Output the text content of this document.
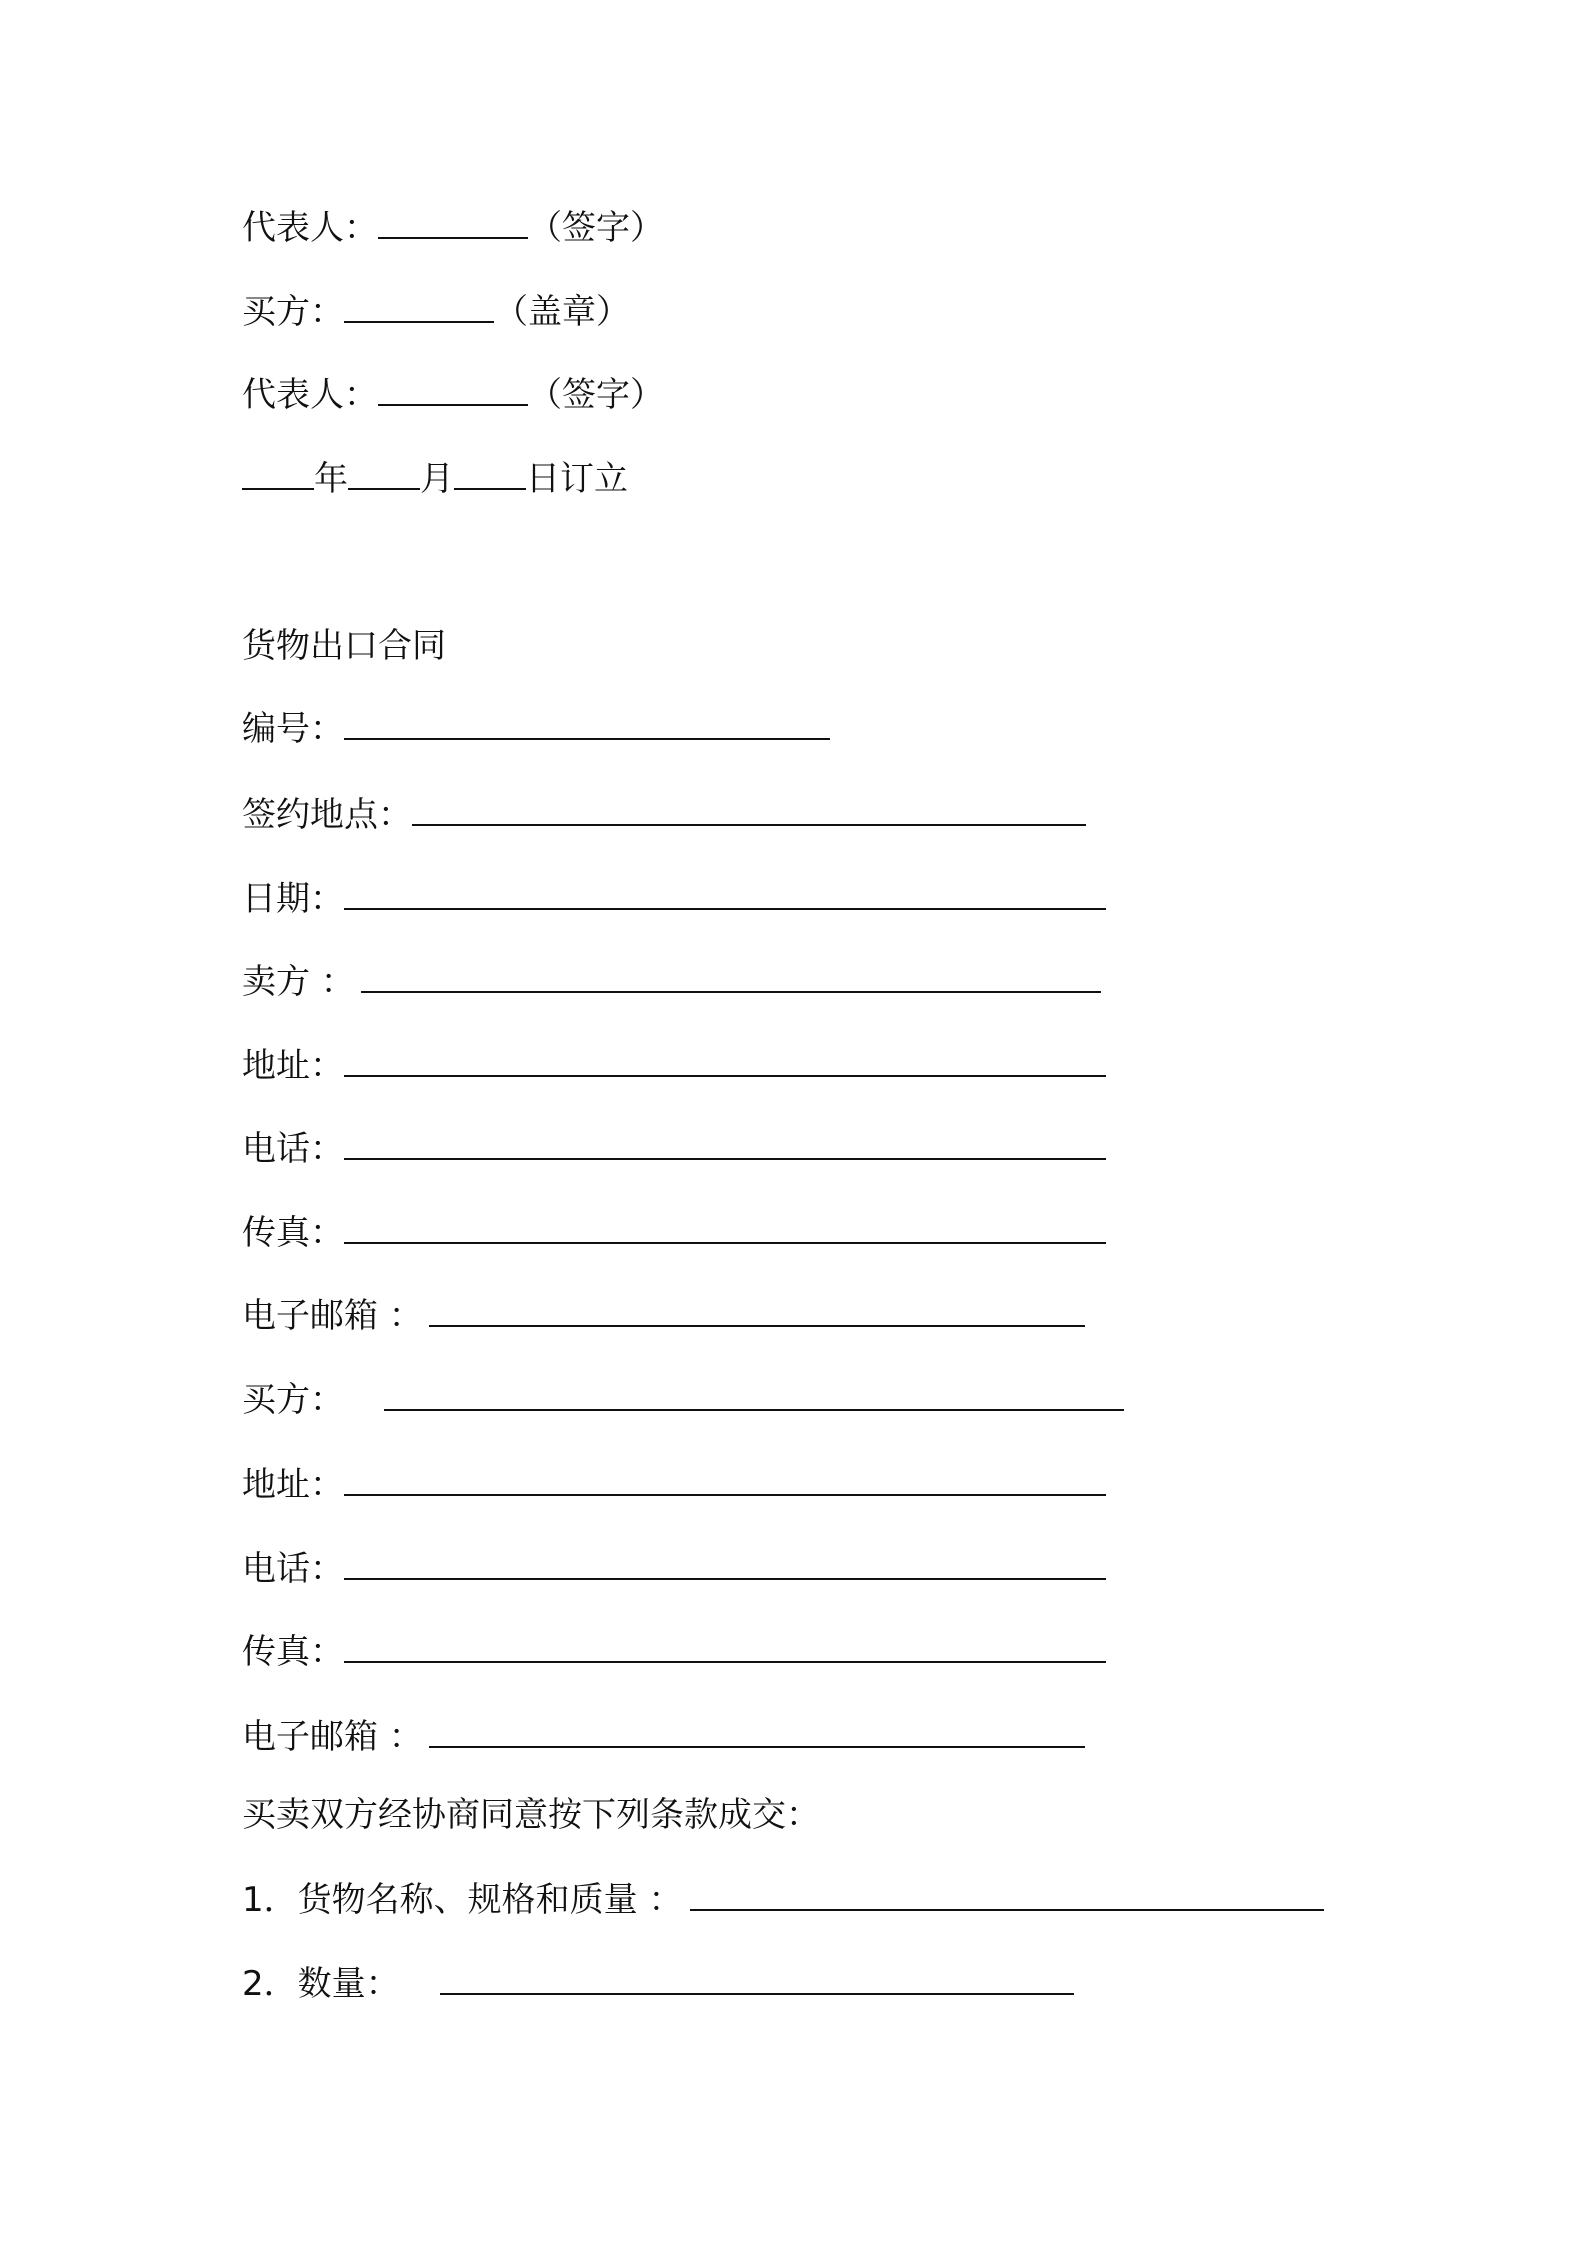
代表人：	（签字）
买方：	（盖章）
代表人：	（签字）
年 月 日订立
货物出口合同
编号：
签约地点：
日期：
卖方 ：
地址：
电话：
传真：
电子邮箱 ：
买方：
地址：
电话：
传真：
电子邮箱 ：
买卖双方经协商同意按下列条款成交：
1．货物名称、规格和质量 ：
2．数量：
